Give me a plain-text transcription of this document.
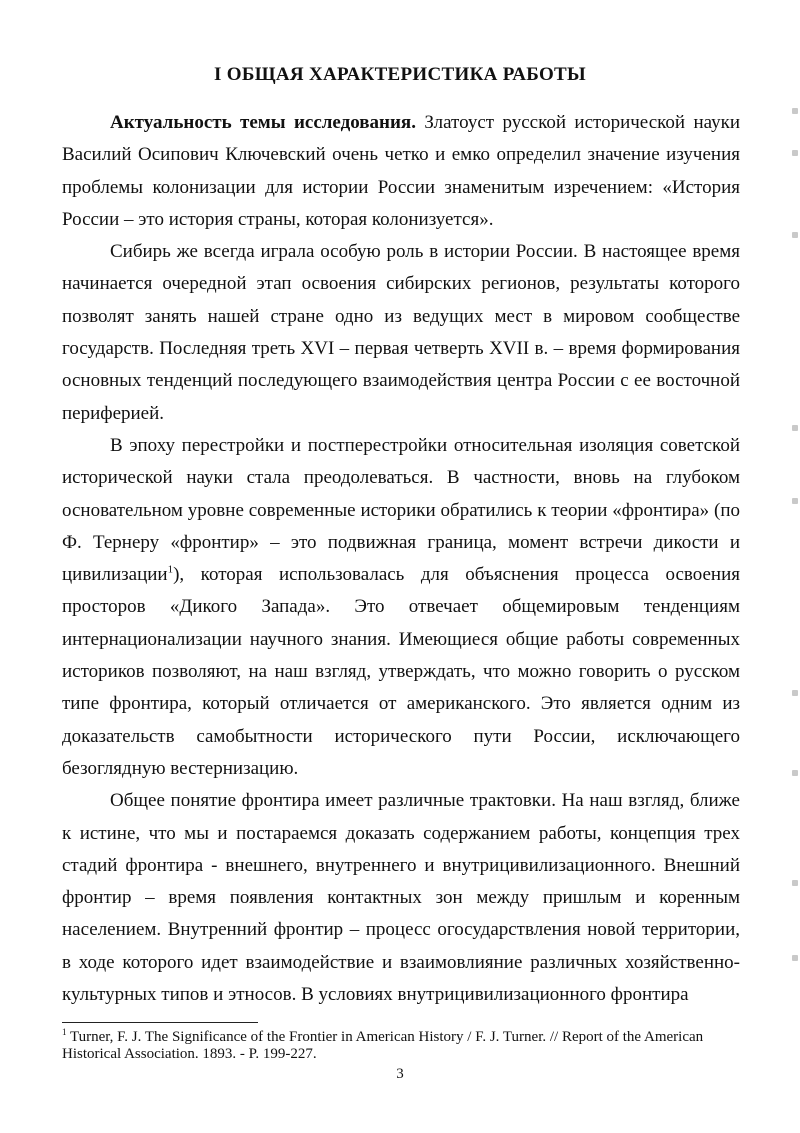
I ОБЩАЯ ХАРАКТЕРИСТИКА РАБОТЫ

Актуальность темы исследования. Златоуст русской исторической науки Василий Осипович Ключевский очень четко и емко определил значение изучения проблемы колонизации для истории России знаменитым изречением: «История России – это история страны, которая колонизуется».

Сибирь же всегда играла особую роль в истории России. В настоящее время начинается очередной этап освоения сибирских регионов, результаты которого позволят занять нашей стране одно из ведущих мест в мировом сообществе государств. Последняя треть XVI – первая четверть XVII в. – время формирования основных тенденций последующего взаимодействия центра России с ее восточной периферией.

В эпоху перестройки и постперестройки относительная изоляция советской исторической науки стала преодолеваться. В частности, вновь на глубоком основательном уровне современные историки обратились к теории «фронтира» (по Ф. Тернеру «фронтир» – это подвижная граница, момент встречи дикости и цивилизации$^1$), которая использовалась для объяснения процесса освоения просторов «Дикого Запада». Это отвечает общемировым тенденциям интернационализации научного знания. Имеющиеся общие работы современных историков позволяют, на наш взгляд, утверждать, что можно говорить о русском типе фронтира, который отличается от американского. Это является одним из доказательств самобытности исторического пути России, исключающего безоглядную вестернизацию.

Общее понятие фронтира имеет различные трактовки. На наш взгляд, ближе к истине, что мы и постараемся доказать содержанием работы, концепция трех стадий фронтира - внешнего, внутреннего и внутрицивилизационного. Внешний фронтир – время появления контактных зон между пришлым и коренным населением. Внутренний фронтир – процесс огосударствления новой территории, в ходе которого идет взаимодействие и взаимовлияние различных хозяйственно-культурных типов и этносов. В условиях внутрицивилизационного фронтира

$^1$ Turner, F. J. The Significance of the Frontier in American History / F. J. Turner. // Report of the American Historical Association. 1893. - P. 199-227.
3
